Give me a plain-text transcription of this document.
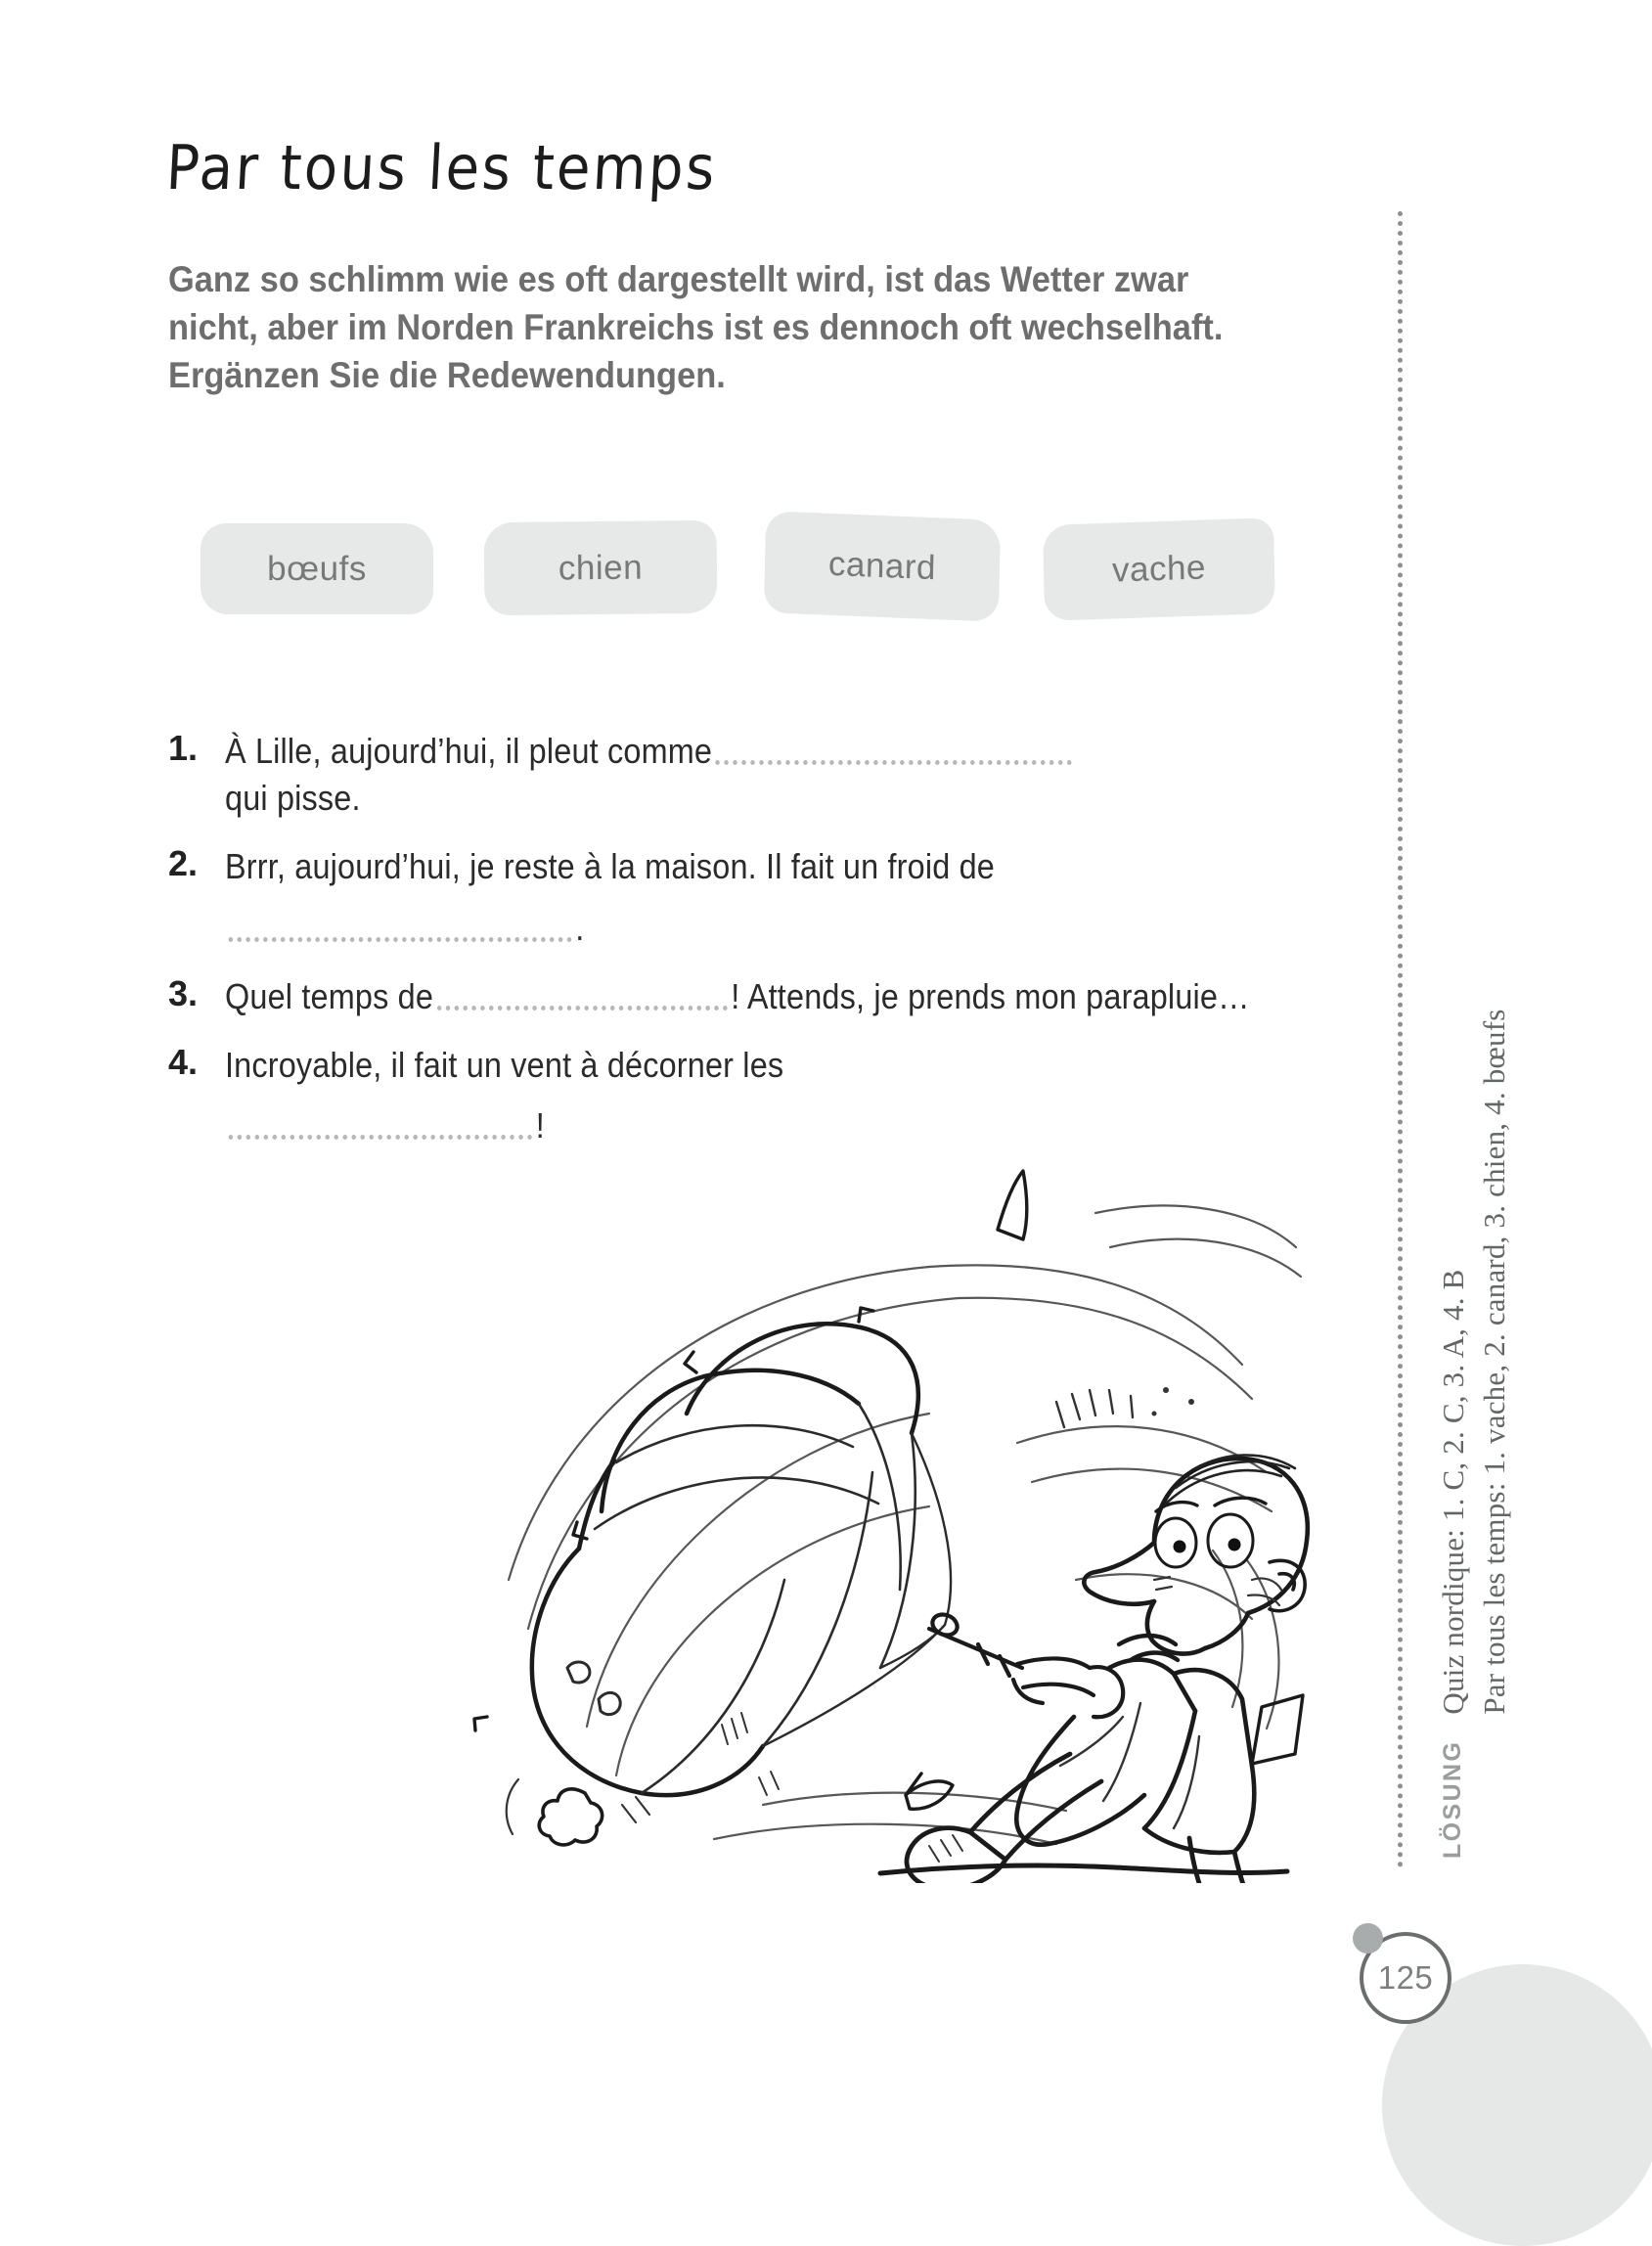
Par tous les temps
Ganz so schlimm wie es oft dargestellt wird, ist das Wetter zwar nicht, aber im Norden Frankreichs ist es dennoch oft wechselhaft. Ergänzen Sie die Redewendungen.
bœufs	chien	canard	vache
1. À Lille, aujourd’hui, il pleut comme
qui pisse.
2. Brrr, aujourd’hui, je reste à la maison. Il fait un froid de
.
3. Quel temps de	! Attends, je prends mon parapluie…
4. Incroyable, il fait un vent à décorner les
!
LÖSUNG
Quiz nordique: 1. C, 2. C, 3. A, 4. B Par tous les temps: 1. vache, 2. canard, 3. chien, 4. bœufs
125
